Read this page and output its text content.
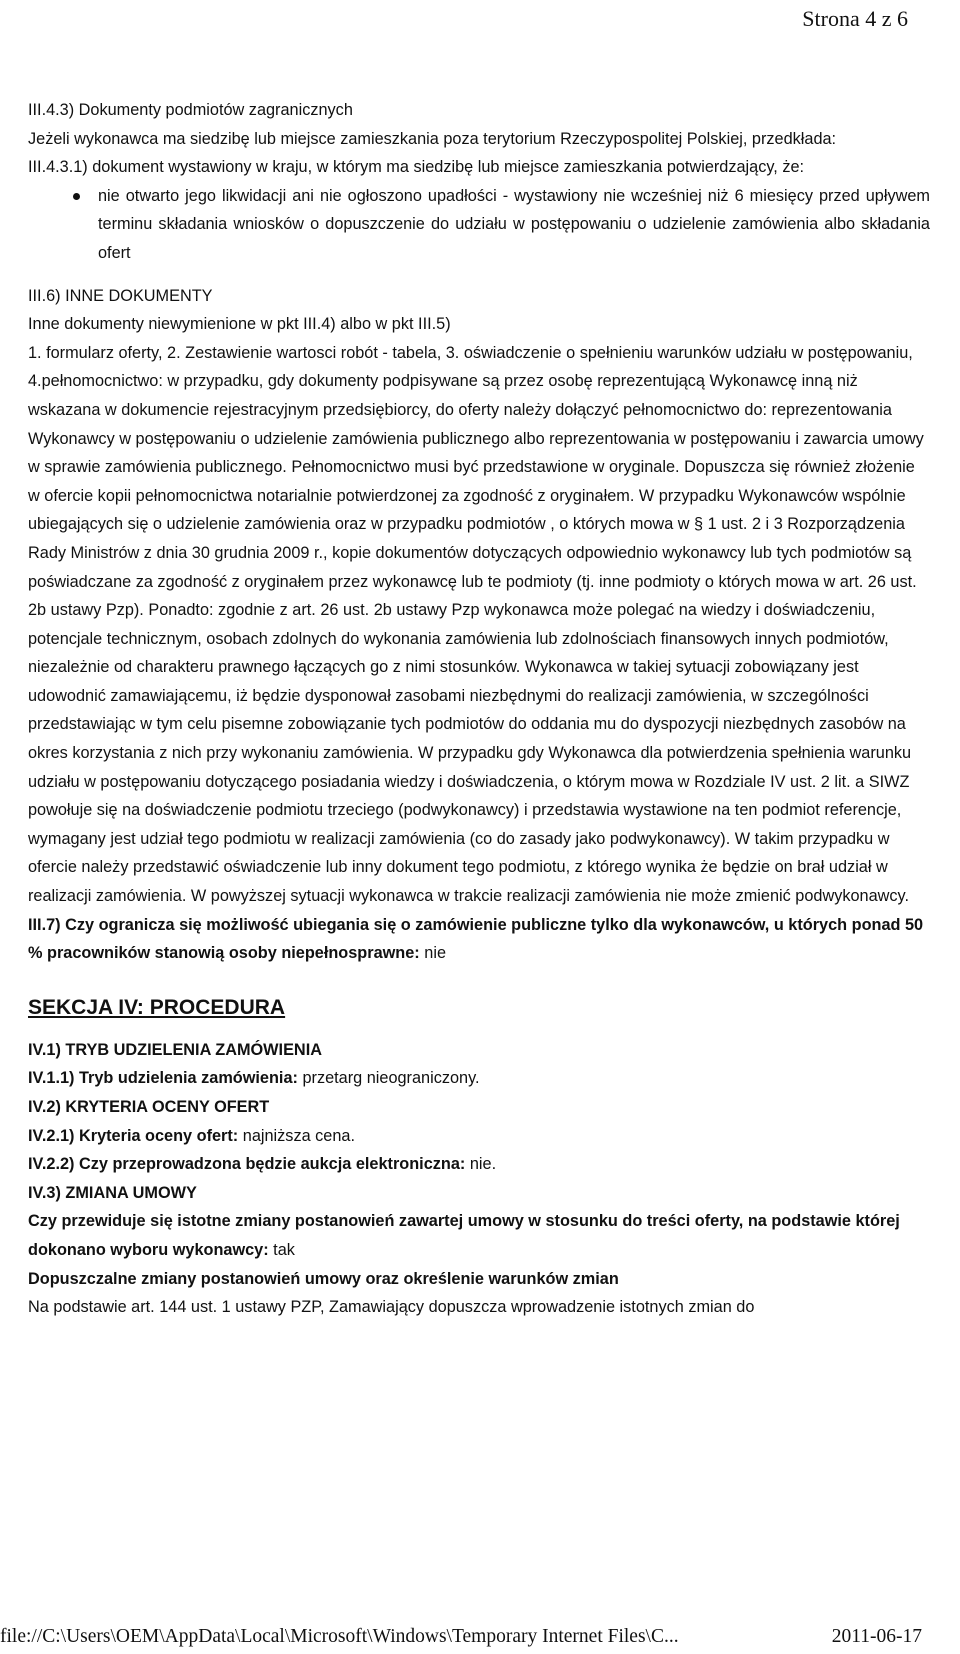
Strona 4 z 6

III.4.3) Dokumenty podmiotów zagranicznych

Jeżeli wykonawca ma siedzibę lub miejsce zamieszkania poza terytorium Rzeczypospolitej Polskiej, przedkłada:

III.4.3.1) dokument wystawiony w kraju, w którym ma siedzibę lub miejsce zamieszkania potwierdzający, że:

nie otwarto jego likwidacji ani nie ogłoszono upadłości - wystawiony nie wcześniej niż 6 miesięcy przed upływem terminu składania wniosków o dopuszczenie do udziału w postępowaniu o udzielenie zamówienia albo składania ofert

III.6) INNE DOKUMENTY

Inne dokumenty niewymienione w pkt III.4) albo w pkt III.5)

1. formularz oferty, 2. Zestawienie wartosci robót - tabela, 3. oświadczenie o spełnieniu warunków udziału w postępowaniu, 4.pełnomocnictwo: w przypadku, gdy dokumenty podpisywane są przez osobę reprezentującą Wykonawcę inną niż wskazana w dokumencie rejestracyjnym przedsiębiorcy, do oferty należy dołączyć pełnomocnictwo do: reprezentowania Wykonawcy w postępowaniu o udzielenie zamówienia publicznego albo reprezentowania w postępowaniu i zawarcia umowy w sprawie zamówienia publicznego. Pełnomocnictwo musi być przedstawione w oryginale. Dopuszcza się również złożenie w ofercie kopii pełnomocnictwa notarialnie potwierdzonej za zgodność z oryginałem. W przypadku Wykonawców wspólnie ubiegających się o udzielenie zamówienia oraz w przypadku podmiotów , o których mowa w § 1 ust. 2 i 3 Rozporządzenia Rady Ministrów z dnia 30 grudnia 2009 r., kopie dokumentów dotyczących odpowiednio wykonawcy lub tych podmiotów są poświadczane za zgodność z oryginałem przez wykonawcę lub te podmioty (tj. inne podmioty o których mowa w art. 26 ust. 2b ustawy Pzp). Ponadto: zgodnie z art. 26 ust. 2b ustawy Pzp wykonawca może polegać na wiedzy i doświadczeniu, potencjale technicznym, osobach zdolnych do wykonania zamówienia lub zdolnościach finansowych innych podmiotów, niezależnie od charakteru prawnego łączących go z nimi stosunków. Wykonawca w takiej sytuacji zobowiązany jest udowodnić zamawiającemu, iż będzie dysponował zasobami niezbędnymi do realizacji zamówienia, w szczególności przedstawiając w tym celu pisemne zobowiązanie tych podmiotów do oddania mu do dyspozycji niezbędnych zasobów na okres korzystania z nich przy wykonaniu zamówienia. W przypadku gdy Wykonawca dla potwierdzenia spełnienia warunku udziału w postępowaniu dotyczącego posiadania wiedzy i doświadczenia, o którym mowa w Rozdziale IV ust. 2 lit. a SIWZ powołuje się na doświadczenie podmiotu trzeciego (podwykonawcy) i przedstawia wystawione na ten podmiot referencje, wymagany jest udział tego podmiotu w realizacji zamówienia (co do zasady jako podwykonawcy). W takim przypadku w ofercie należy przedstawić oświadczenie lub inny dokument tego podmiotu, z którego wynika że będzie on brał udział w realizacji zamówienia. W powyższej sytuacji wykonawca w trakcie realizacji zamówienia nie może zmienić podwykonawcy.

III.7) Czy ogranicza się możliwość ubiegania się o zamówienie publiczne tylko dla wykonawców, u których ponad 50 % pracowników stanowią osoby niepełnosprawne: nie

SEKCJA IV: PROCEDURA

IV.1) TRYB UDZIELENIA ZAMÓWIENIA

IV.1.1) Tryb udzielenia zamówienia: przetarg nieograniczony.

IV.2) KRYTERIA OCENY OFERT

IV.2.1) Kryteria oceny ofert: najniższa cena.

IV.2.2) Czy przeprowadzona będzie aukcja elektroniczna: nie.

IV.3) ZMIANA UMOWY

Czy przewiduje się istotne zmiany postanowień zawartej umowy w stosunku do treści oferty, na podstawie której dokonano wyboru wykonawcy: tak

Dopuszczalne zmiany postanowień umowy oraz określenie warunków zmian

Na podstawie art. 144 ust. 1 ustawy PZP, Zamawiający dopuszcza wprowadzenie istotnych zmian do

file://C:\Users\OEM\AppData\Local\Microsoft\Windows\Temporary Internet Files\C...	2011-06-17
